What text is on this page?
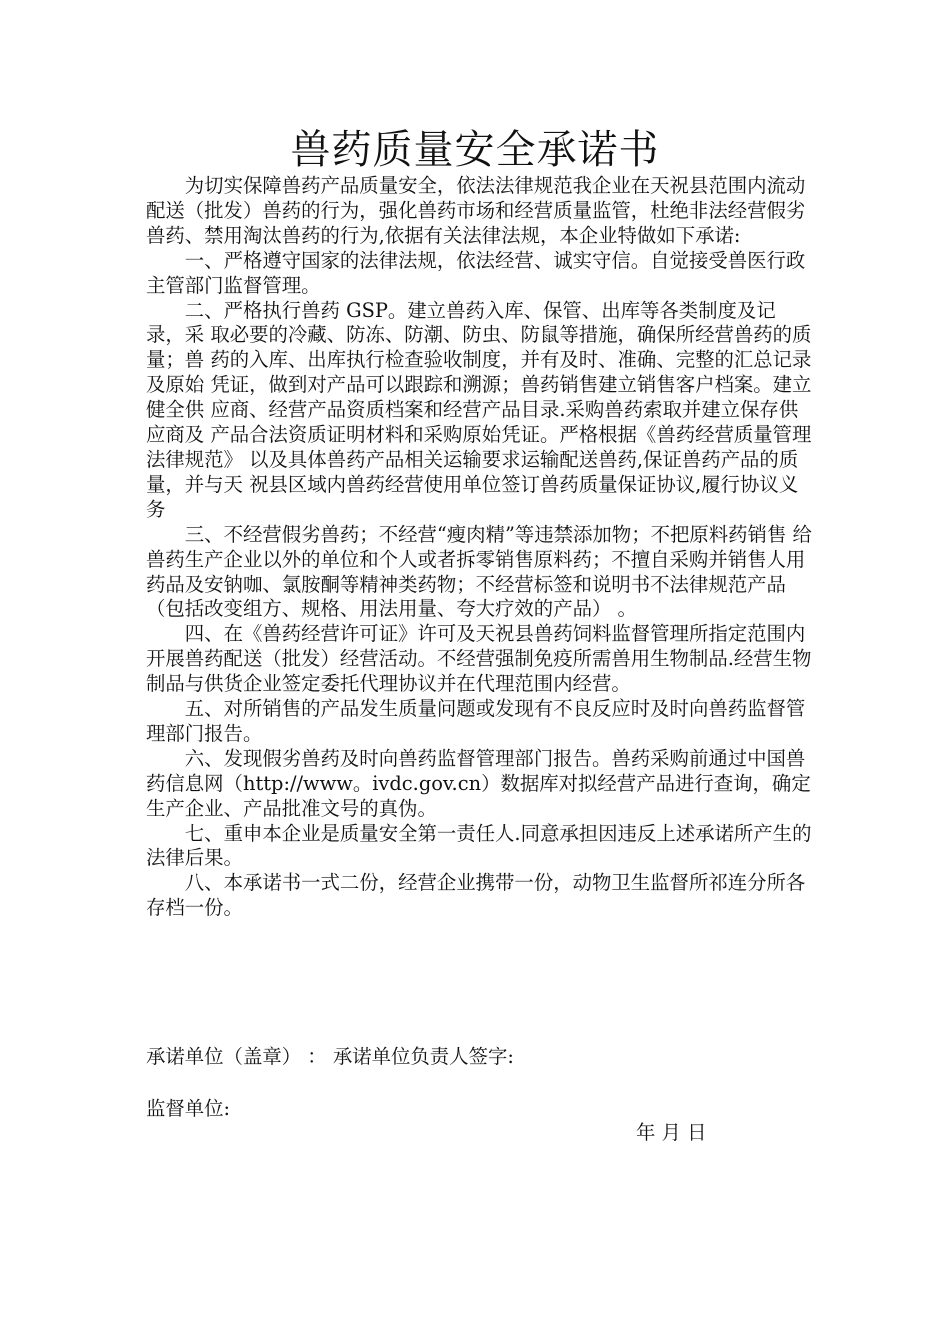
兽药质量安全承诺书

为切实保障兽药产品质量安全，依法法律规范我企业在天祝县范围内流动配送（批发）兽药的行为，强化兽药市场和经营质量监管，杜绝非法经营假劣兽药、禁用淘汰兽药的行为,依据有关法律法规，本企业特做如下承诺:

一、严格遵守国家的法律法规，依法经营、诚实守信。自觉接受兽医行政主管部门监督管理。

二、严格执行兽药 GSP。建立兽药入库、保管、出库等各类制度及记录，采 取必要的冷藏、防冻、防潮、防虫、防鼠等措施，确保所经营兽药的质量；兽 药的入库、出库执行检查验收制度，并有及时、准确、完整的汇总记录及原始 凭证，做到对产品可以跟踪和溯源；兽药销售建立销售客户档案。建立健全供 应商、经营产品资质档案和经营产品目录.采购兽药索取并建立保存供应商及 产品合法资质证明材料和采购原始凭证。严格根据《兽药经营质量管理法律规范》 以及具体兽药产品相关运输要求运输配送兽药,保证兽药产品的质量，并与天 祝县区域内兽药经营使用单位签订兽药质量保证协议,履行协议义务

三、不经营假劣兽药；不经营“瘦肉精”等违禁添加物；不把原料药销售 给兽药生产企业以外的单位和个人或者拆零销售原料药；不擅自采购并销售人用药品及安钠咖、氯胺酮等精神类药物；不经营标签和说明书不法律规范产品（包括改变组方、规格、用法用量、夸大疗效的产品） 。

四、在《兽药经营许可证》许可及天祝县兽药饲料监督管理所指定范围内开展兽药配送（批发）经营活动。不经营强制免疫所需兽用生物制品.经营生物制品与供货企业签定委托代理协议并在代理范围内经营。

五、对所销售的产品发生质量问题或发现有不良反应时及时向兽药监督管理部门报告。

六、发现假劣兽药及时向兽药监督管理部门报告。兽药采购前通过中国兽 药信息网（http://www。ivdc.gov.cn）数据库对拟经营产品进行查询，确定生产企业、产品批准文号的真伪。

七、重申本企业是质量安全第一责任人.同意承担因违反上述承诺所产生的法律后果。

八、本承诺书一式二份，经营企业携带一份，动物卫生监督所祁连分所各存档一份。

承诺单位（盖章） ： 承诺单位负责人签字:
监督单位:
年 月 日
